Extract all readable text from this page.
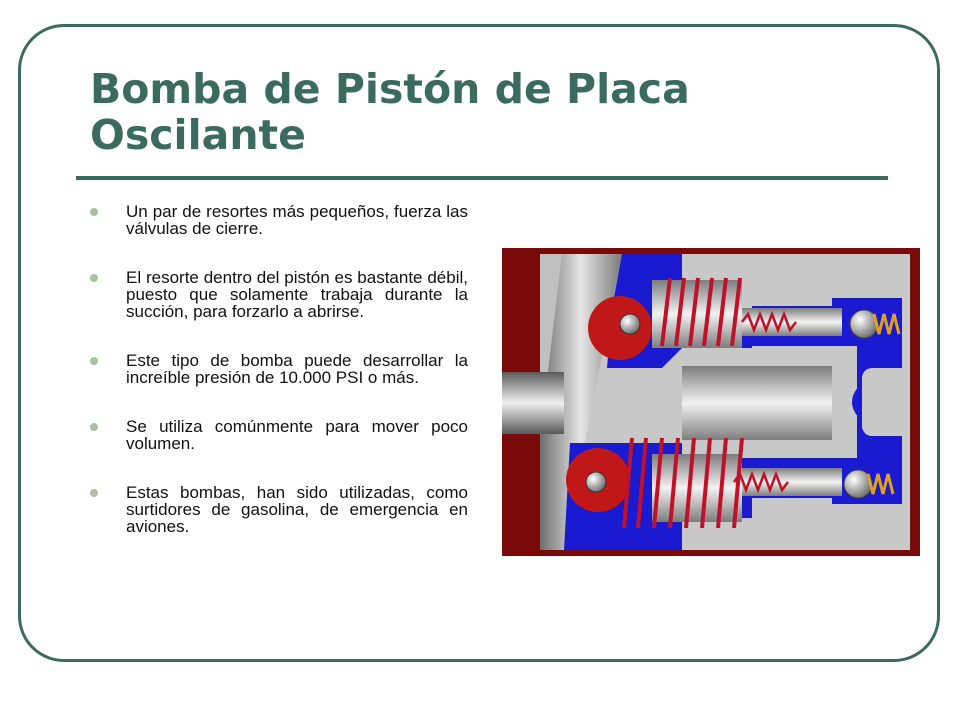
Bomba de Pistón de Placa Oscilante
Un par de resortes más pequeños, fuerza las válvulas de cierre.
El resorte dentro del pistón es bastante débil, puesto que solamente trabaja durante la succión, para forzarlo a abrirse.
Este tipo de bomba puede desarrollar la increíble presión de 10.000 PSI o más.
Se utiliza comúnmente para mover poco volumen.
Estas bombas, han sido utilizadas, como surtidores de gasolina, de emergencia en aviones.
